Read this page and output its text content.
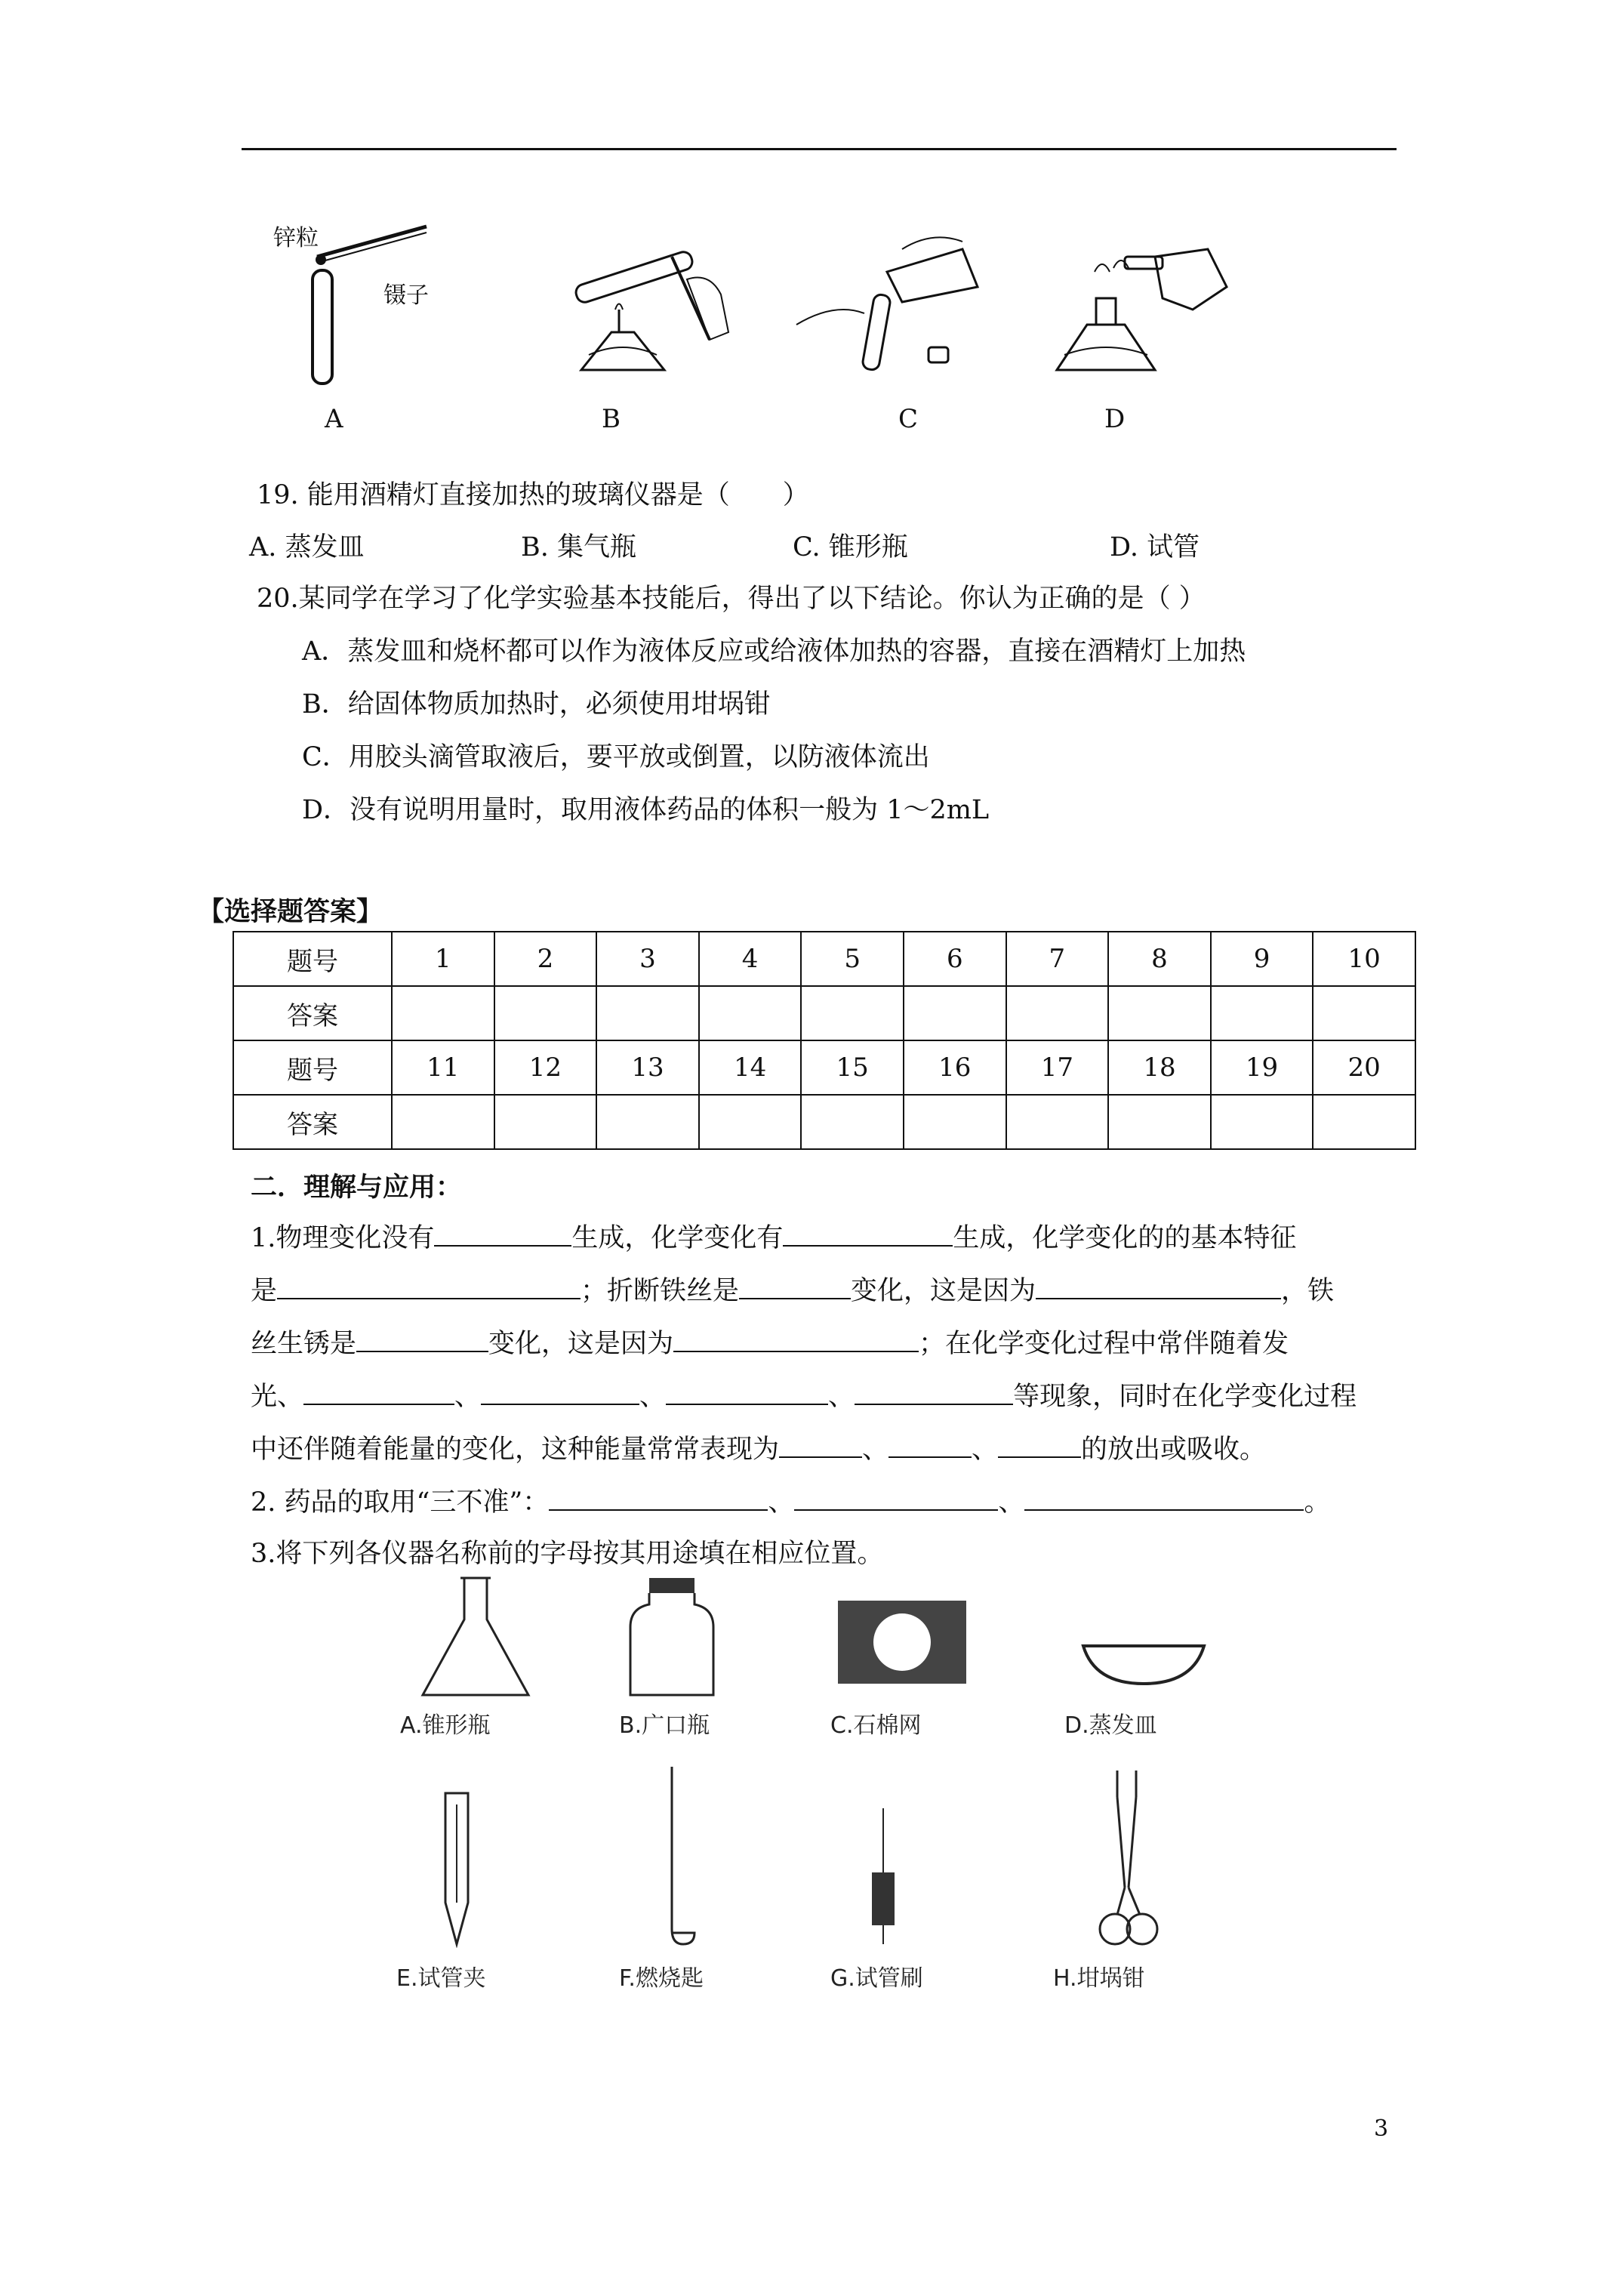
锌粒
镊子
A	B	C	D
19. 能用酒精灯直接加热的玻璃仪器是（　　）
A. 蒸发皿	B. 集气瓶	C. 锥形瓶	D. 试管
20.某同学在学习了化学实验基本技能后，得出了以下结论。你认为正确的是（ ）
A．蒸发皿和烧杯都可以作为液体反应或给液体加热的容器，直接在酒精灯上加热
B．给固体物质加热时，必须使用坩埚钳
C．用胶头滴管取液后，要平放或倒置，以防液体流出
D．没有说明用量时，取用液体药品的体积一般为 1～2mL
【选择题答案】
题号	1	2	3	4	5	6	7	8	9	10
答案										
题号	11	12	13	14	15	16	17	18	19	20
答案										
二．理解与应用：
1.物理变化没有	生成，化学变化有	生成，化学变化的的基本特征
是	；折断铁丝是	变化，这是因为	，铁
丝生锈是	变化，这是因为	；在化学变化过程中常伴随着发
光、	、	、	、	等现象，同时在化学变化过程
中还伴随着能量的变化，这种能量常常表现为	、	、	的放出或吸收。
2. 药品的取用“三不准”：	、	、	。
3.将下列各仪器名称前的字母按其用途填在相应位置。
A.锥形瓶	B.广口瓶	C.石棉网	D.蒸发皿
E.试管夹	F.燃烧匙	G.试管刷	H.坩埚钳
3
